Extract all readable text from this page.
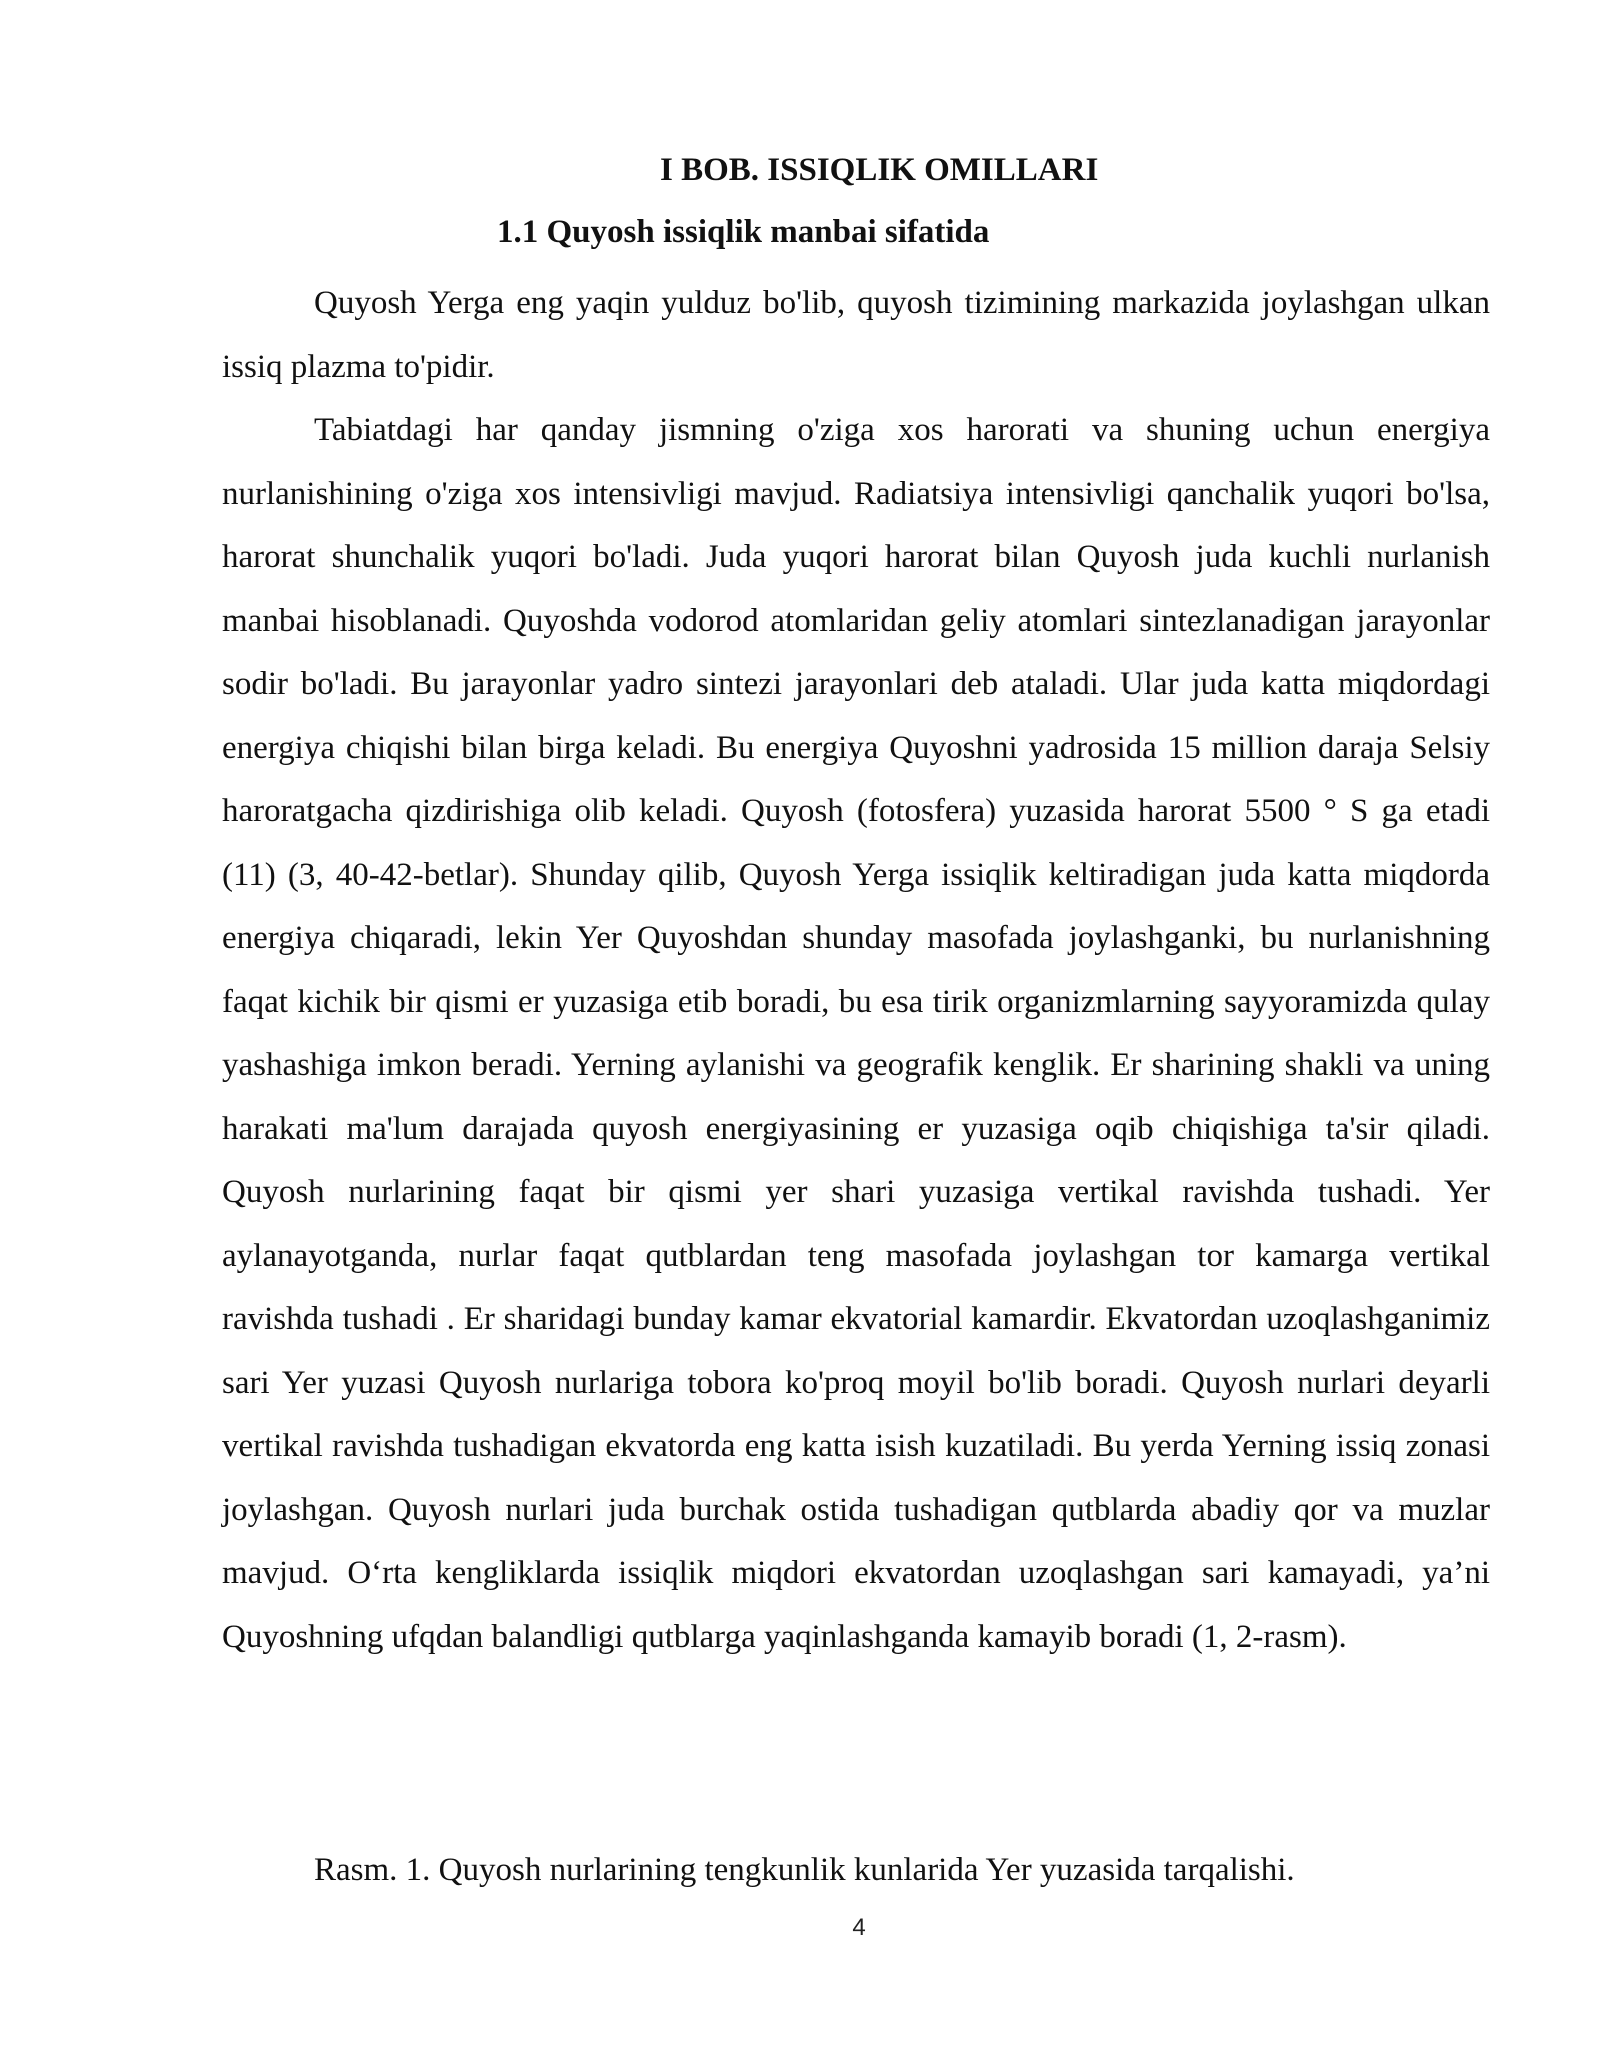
I BOB. ISSIQLIK OMILLARI
1.1 Quyosh issiqlik manbai sifatida

Quyosh Yerga eng yaqin yulduz bo'lib, quyosh tizimining markazida joylashgan ulkan issiq plazma to'pidir.

Tabiatdagi har qanday jismning o'ziga xos harorati va shuning uchun energiya nurlanishining o'ziga xos intensivligi mavjud. Radiatsiya intensivligi qanchalik yuqori bo'lsa, harorat shunchalik yuqori bo'ladi. Juda yuqori harorat bilan Quyosh juda kuchli nurlanish manbai hisoblanadi. Quyoshda vodorod atomlaridan geliy atomlari sintezlanadigan jarayonlar sodir bo'ladi. Bu jarayonlar yadro sintezi jarayonlari deb ataladi. Ular juda katta miqdordagi energiya chiqishi bilan birga keladi. Bu energiya Quyoshni yadrosida 15 million daraja Selsiy haroratgacha qizdirishiga olib keladi. Quyosh (fotosfera) yuzasida harorat 5500 ° S ga etadi (11) (3, 40-42-betlar). Shunday qilib, Quyosh Yerga issiqlik keltiradigan juda katta miqdorda energiya chiqaradi, lekin Yer Quyoshdan shunday masofada joylashganki, bu nurlanishning faqat kichik bir qismi er yuzasiga etib boradi, bu esa tirik organizmlarning sayyoramizda qulay yashashiga imkon beradi. Yerning aylanishi va geografik kenglik. Er sharining shakli va uning harakati ma'lum darajada quyosh energiyasining er yuzasiga oqib chiqishiga ta'sir qiladi. Quyosh nurlarining faqat bir qismi yer shari yuzasiga vertikal ravishda tushadi. Yer aylanayotganda, nurlar faqat qutblardan teng masofada joylashgan tor kamarga vertikal ravishda tushadi . Er sharidagi bunday kamar ekvatorial kamardir. Ekvatordan uzoqlashganimiz sari Yer yuzasi Quyosh nurlariga tobora ko'proq moyil bo'lib boradi. Quyosh nurlari deyarli vertikal ravishda tushadigan ekvatorda eng katta isish kuzatiladi. Bu yerda Yerning issiq zonasi joylashgan. Quyosh nurlari juda burchak ostida tushadigan qutblarda abadiy qor va muzlar mavjud. O‘rta kengliklarda issiqlik miqdori ekvatordan uzoqlashgan sari kamayadi, ya’ni Quyoshning ufqdan balandligi qutblarga yaqinlashganda kamayib boradi (1, 2-rasm).

Rasm. 1. Quyosh nurlarining tengkunlik kunlarida Yer yuzasida tarqalishi.

4
